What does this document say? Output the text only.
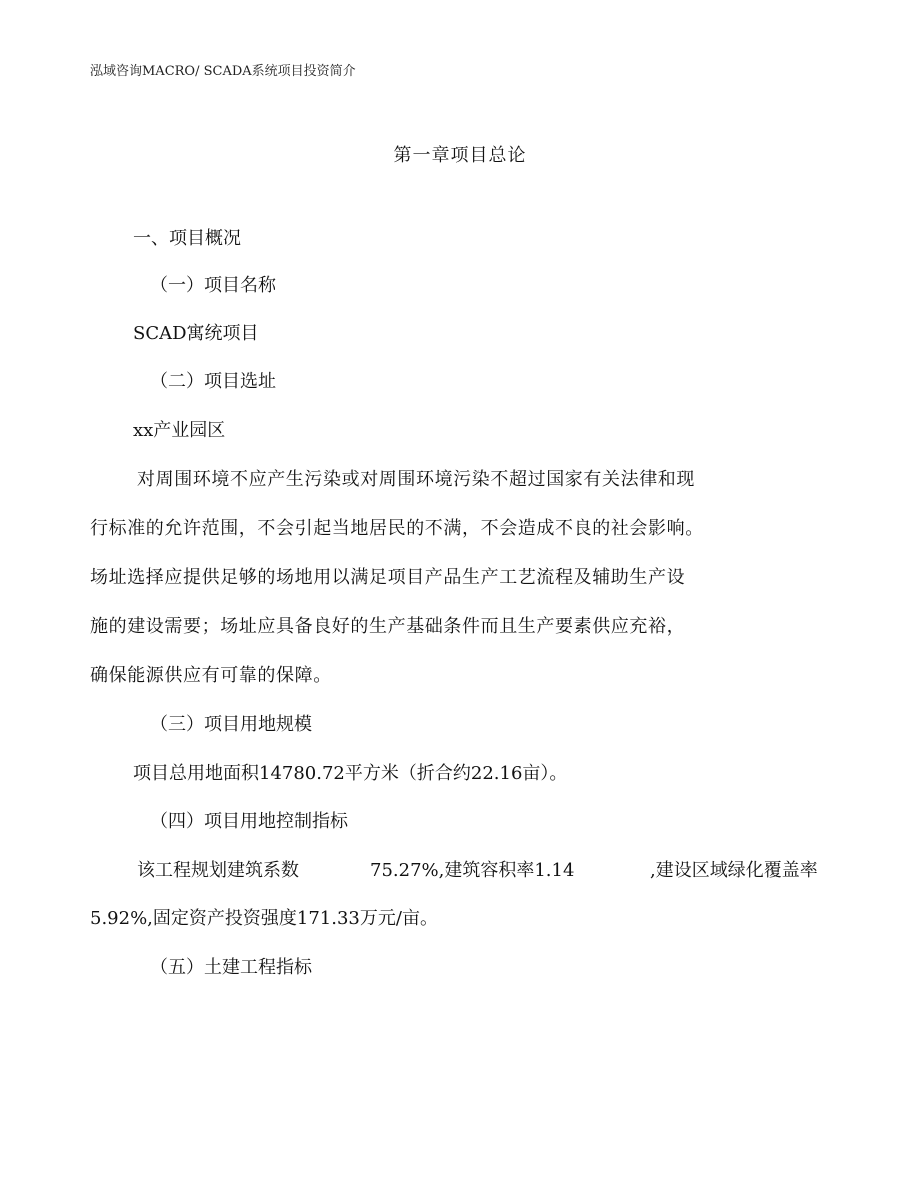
泓域咨询MACRO/ SCADA系统项目投资简介
第一章项目总论
一、项目概况
（一）项目名称
SCAD寓统项目
（二）项目选址
xx产业园区
对周围环境不应产生污染或对周围环境污染不超过国家有关法律和现
行标准的允许范围，不会引起当地居民的不满，不会造成不良的社会影响。
场址选择应提供足够的场地用以满足项目产品生产工艺流程及辅助生产设
施的建设需要；场址应具备良好的生产基础条件而且生产要素供应充裕，
确保能源供应有可靠的保障。
（三）项目用地规模
项目总用地面积14780.72平方米（折合约22.16亩）。
（四）项目用地控制指标
该工程规划建筑系数	75.27%,建筑容积率1.14	,建设区域绿化覆盖率
5.92%,固定资产投资强度171.33万元/亩。
（五）土建工程指标
